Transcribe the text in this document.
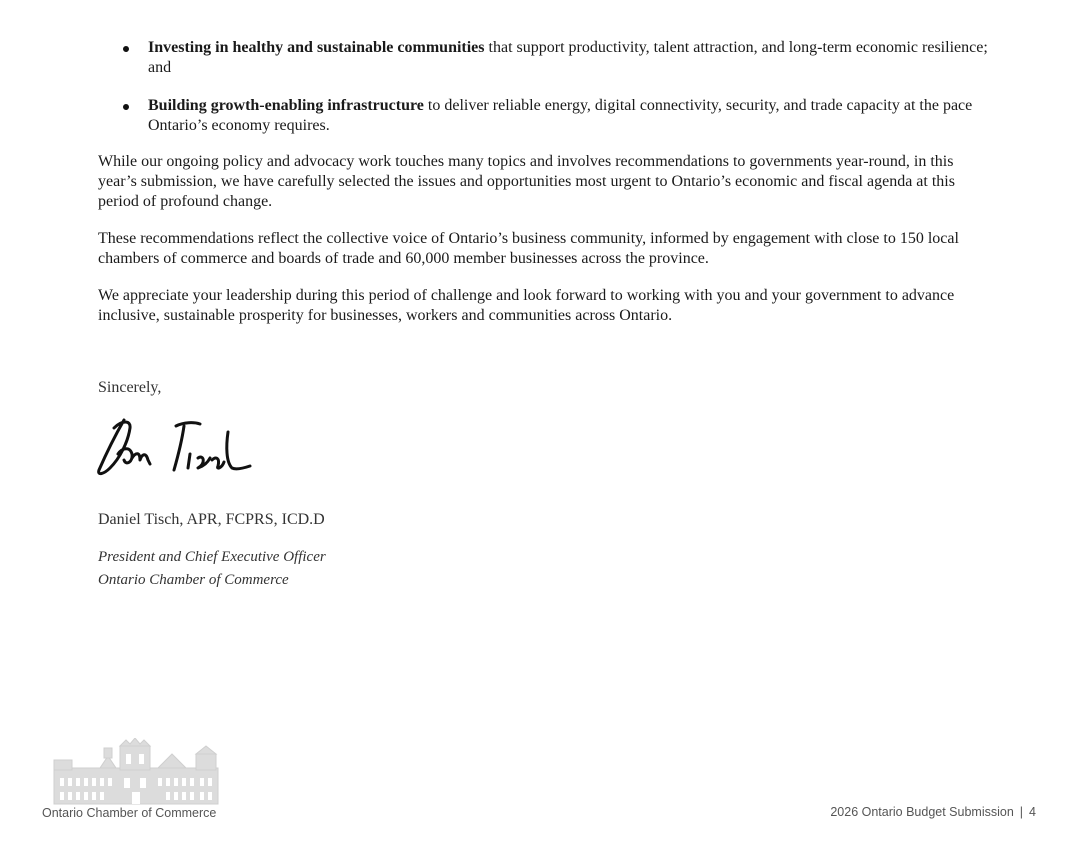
Investing in healthy and sustainable communities that support productivity, talent attraction, and long-term economic resilience; and
Building growth-enabling infrastructure to deliver reliable energy, digital connectivity, security, and trade capacity at the pace Ontario’s economy requires.

While our ongoing policy and advocacy work touches many topics and involves recommendations to governments year-round, in this year’s submission, we have carefully selected the issues and opportunities most urgent to Ontario’s economic and fiscal agenda at this period of profound change.

These recommendations reflect the collective voice of Ontario’s business community, informed by engagement with close to 150 local chambers of commerce and boards of trade and 60,000 member businesses across the province.

We appreciate your leadership during this period of challenge and look forward to working with you and your government to advance inclusive, sustainable prosperity for businesses, workers and communities across Ontario.

Sincerely,

Daniel Tisch, APR, FCPRS, ICD.D

President and Chief Executive Officer

Ontario Chamber of Commerce

Ontario Chamber of Commerce	2026 Ontario Budget Submission | 4
